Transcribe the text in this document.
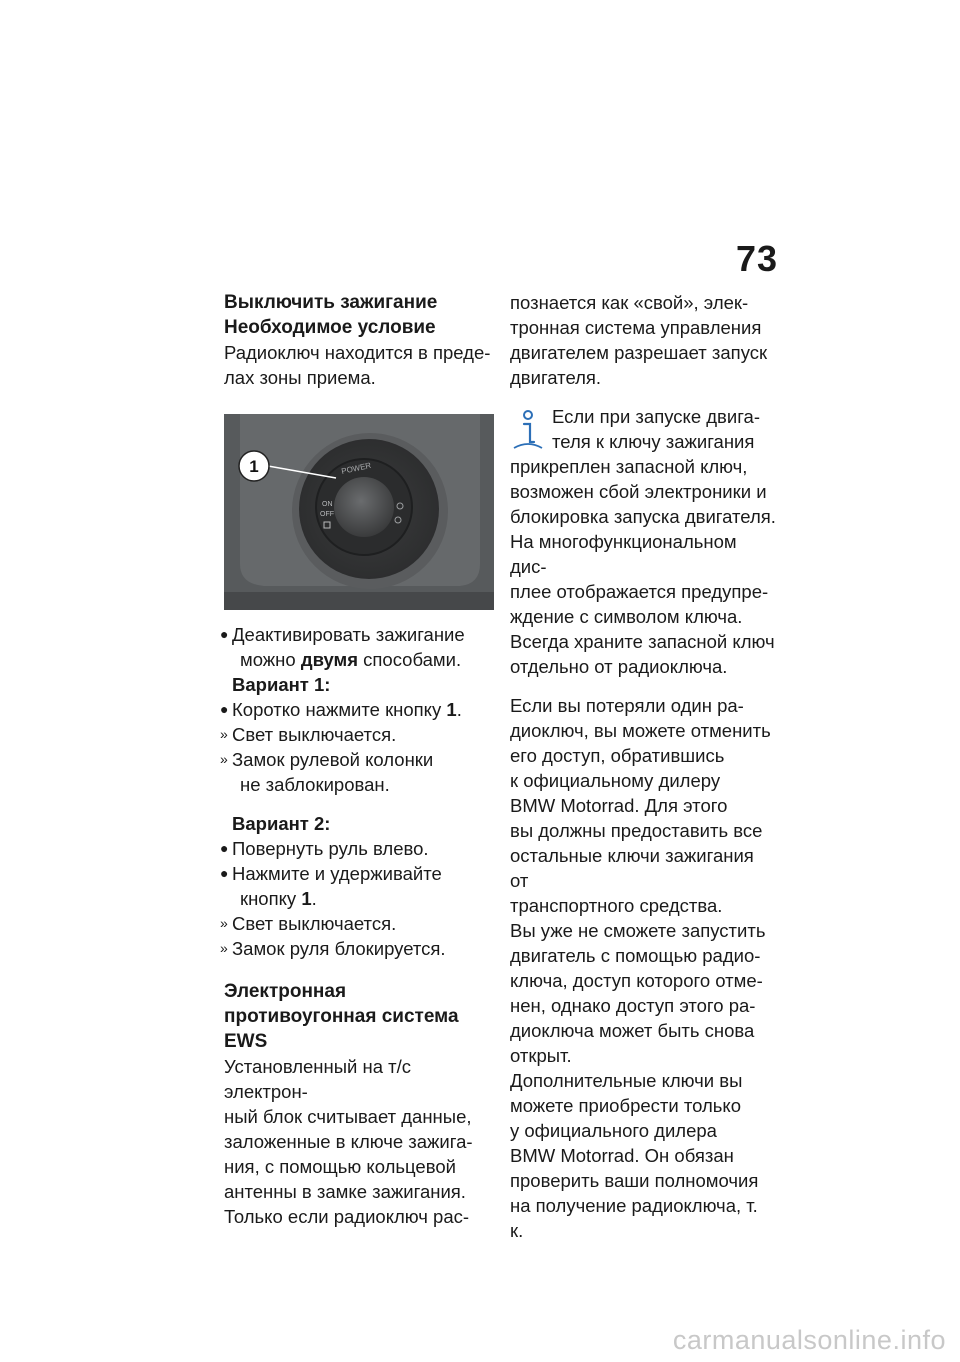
73
Выключить зажигание
Необходимое условие

Радиоключ находится в преде-
лах зоны приема.

POWER
ON
OFF
1
● Деактивировать зажигание
можно двумя способами.
Вариант 1:
● Коротко нажмите кнопку 1.
» Свет выключается.
» Замок рулевой колонки
не заблокирован.
Вариант 2:
● Повернуть руль влево.
● Нажмите и удерживайте
кнопку 1.
» Свет выключается.
» Замок руля блокируется.
Электронная
противоугонная система
EWS

Установленный на т/с электрон-
ный блок считывает данные,
заложенные в ключе зажига-
ния, с помощью кольцевой
антенны в замке зажигания.
Только если радиоключ рас-

познается как «свой», элек-
тронная система управления
двигателем разрешает запуск
двигателя.

Если при запуске двига-
теля к ключу зажигания

прикреплен запасной ключ,
возможен сбой электроники и
блокировка запуска двигателя.
На многофункциональном дис-
плее отображается предупре-
ждение с символом ключа.
Всегда храните запасной ключ
отдельно от радиоключа.

Если вы потеряли один ра-
диоключ, вы можете отменить
его доступ, обратившись
к официальному дилеру
BMW Motorrad. Для этого
вы должны предоставить все
остальные ключи зажигания от
транспортного средства.
Вы уже не сможете запустить
двигатель с помощью радио-
ключа, доступ которого отме-
нен, однако доступ этого ра-
диоключа может быть снова
открыт.
Дополнительные ключи вы
можете приобрести только
у официального дилера
BMW Motorrad. Он обязан
проверить ваши полномочия
на получение радиоключа, т. к.

carmanualsonline.info
